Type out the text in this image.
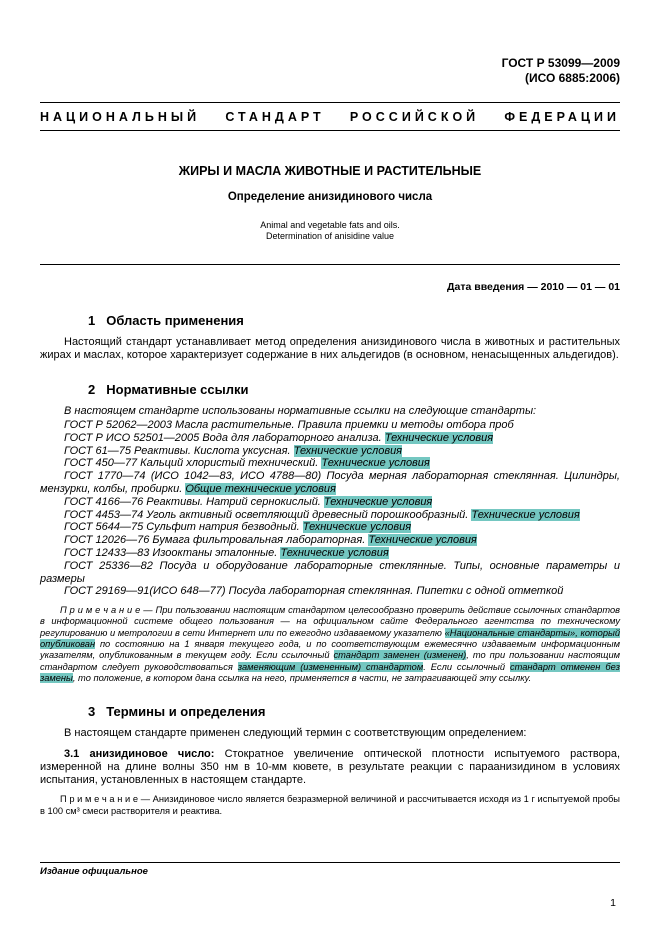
ГОСТ Р 53099—2009
(ИСО 6885:2006)
НАЦИОНАЛЬНЫЙ СТАНДАРТ РОССИЙСКОЙ ФЕДЕРАЦИИ
ЖИРЫ И МАСЛА ЖИВОТНЫЕ И РАСТИТЕЛЬНЫЕ
Определение анизидинового числа
Animal and vegetable fats and oils.
Determination of anisidine value
Дата введения — 2010 — 01 — 01
1 Область применения

Настоящий стандарт устанавливает метод определения анизидинового числа в животных и растительных жирах и маслах, которое характеризует содержание в них альдегидов (в основном, ненасыщенных альдегидов).

2 Нормативные ссылки

В настоящем стандарте использованы нормативные ссылки на следующие стандарты:

ГОСТ Р 52062—2003 Масла растительные. Правила приемки и методы отбора проб

ГОСТ Р ИСО 52501—2005 Вода для лабораторного анализа. Технические условия

ГОСТ 61—75 Реактивы. Кислота уксусная. Технические условия

ГОСТ 450—77 Кальций хлористый технический. Технические условия

ГОСТ 1770—74 (ИСО 1042—83, ИСО 4788—80) Посуда мерная лабораторная стеклянная. Цилиндры, мензурки, колбы, пробирки. Общие технические условия

ГОСТ 4166—76 Реактивы. Натрий сернокислый. Технические условия

ГОСТ 4453—74 Уголь активный осветляющий древесный порошкообразный. Технические условия

ГОСТ 5644—75 Сульфит натрия безводный. Технические условия

ГОСТ 12026—76 Бумага фильтровальная лабораторная. Технические условия

ГОСТ 12433—83 Изооктаны эталонные. Технические условия

ГОСТ 25336—82 Посуда и оборудование лабораторные стеклянные. Типы, основные параметры и размеры

ГОСТ 29169—91(ИСО 648—77) Посуда лабораторная стеклянная. Пипетки с одной отметкой

П р и м е ч а н и е — При пользовании настоящим стандартом целесообразно проверить действие ссылочных стандартов в информационной системе общего пользования — на официальном сайте Федерального агентства по техническому регулированию и метрологии в сети Интернет или по ежегодно издаваемому указателю «Национальные стандарты», который опубликован по состоянию на 1 января текущего года, и по соответствующим ежемесячно издаваемым информационным указателям, опубликованным в текущем году. Если ссылочный стандарт заменен (изменен), то при пользовании настоящим стандартом следует руководствоваться заменяющим (измененным) стандартом. Если ссылочный стандарт отменен без замены, то положение, в котором дана ссылка на него, применяется в части, не затрагивающей эту ссылку.

3 Термины и определения

В настоящем стандарте применен следующий термин с соответствующим определением:

3.1 анизидиновое число: Стократное увеличение оптической плотности испытуемого раствора, измеренной на длине волны 350 нм в 10-мм кювете, в результате реакции с параанизидином в условиях испытания, установленных в настоящем стандарте.

П р и м е ч а н и е — Анизидиновое число является безразмерной величиной и рассчитывается исходя из 1 г испытуемой пробы в 100 см³ смеси растворителя и реактива.

Издание официальное
1
